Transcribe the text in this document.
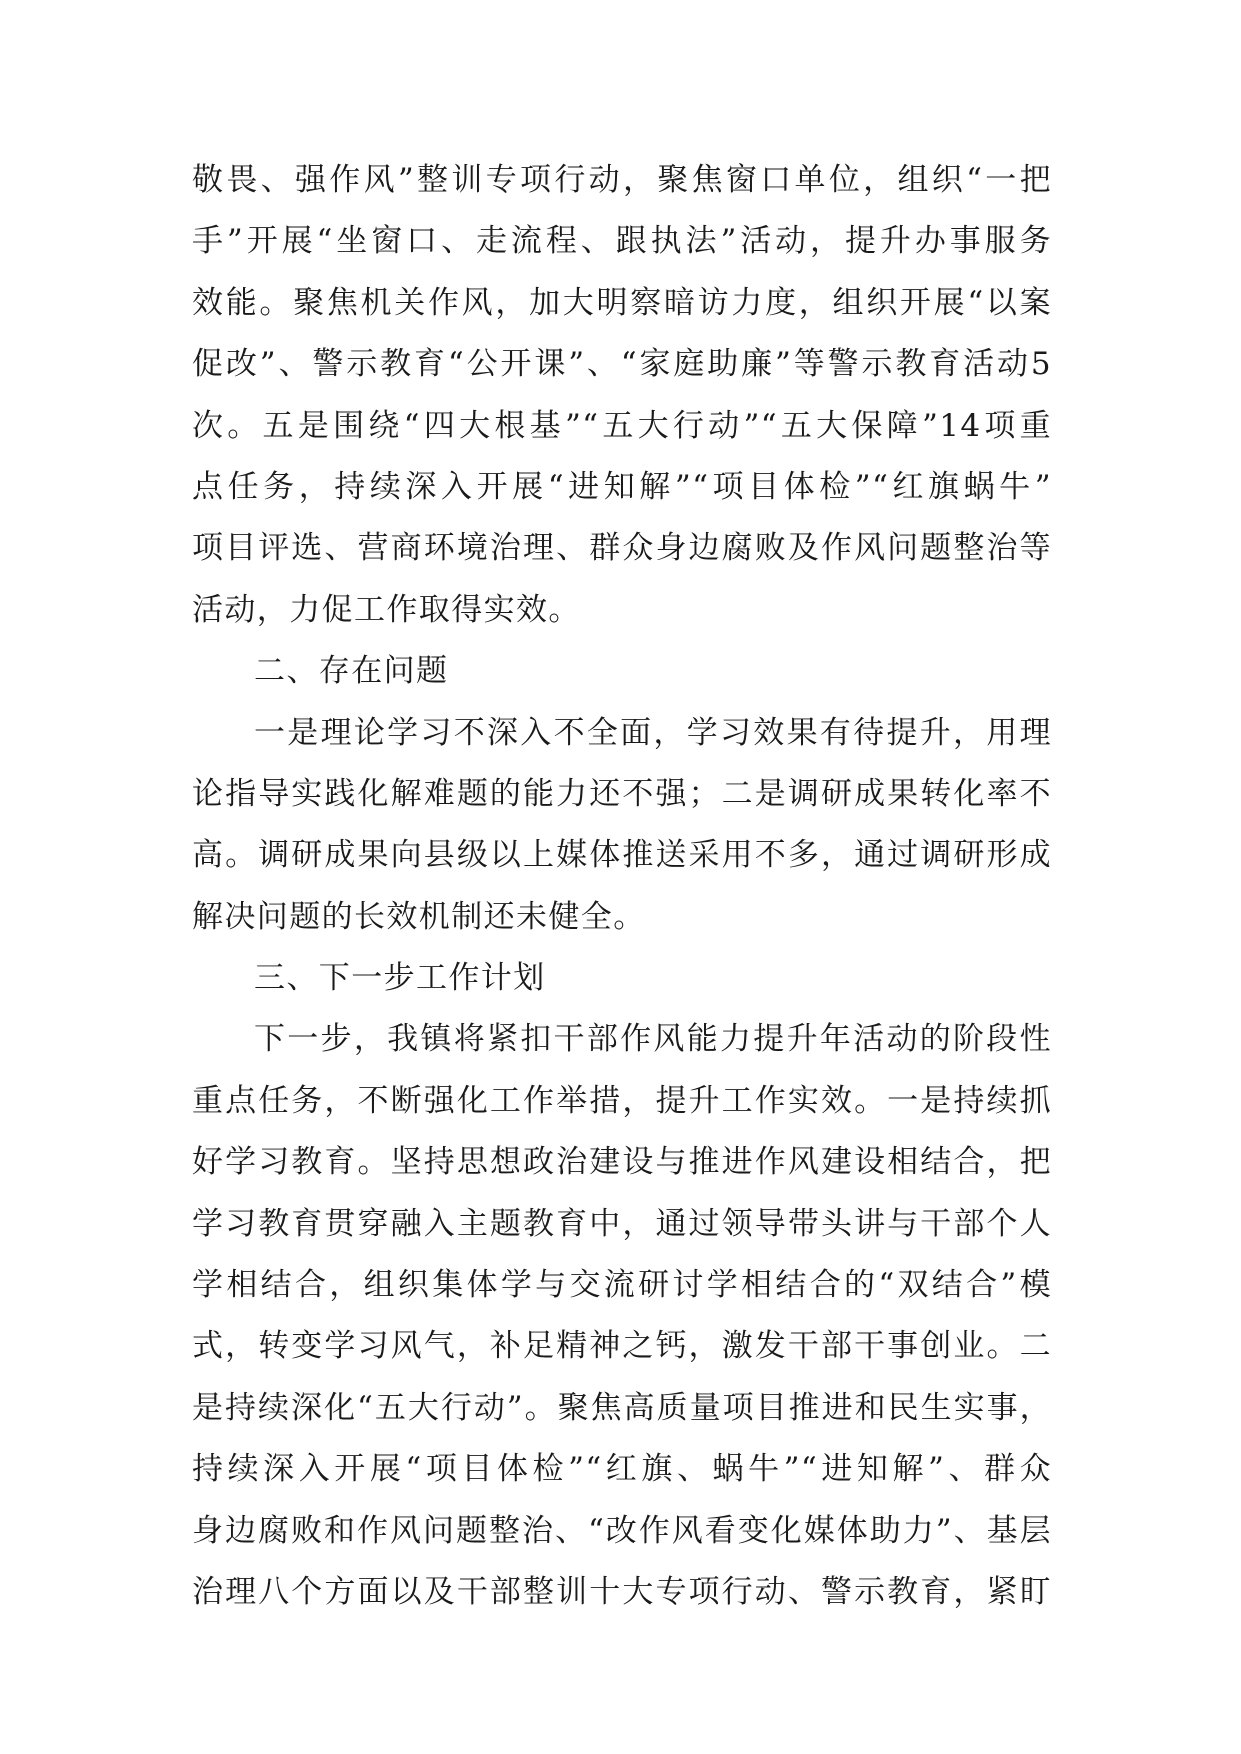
敬畏、强作风”整训专项行动，聚焦窗口单位，组织“一把
手”开展“坐窗口、走流程、跟执法”活动，提升办事服务
效能。聚焦机关作风，加大明察暗访力度，组织开展“以案
促改”、警示教育“公开课”、“家庭助廉”等警示教育活动5
次。五是围绕“四大根基”“五大行动”“五大保障”14项重
点任务，持续深入开展“进知解”“项目体检”“红旗蜗牛”
项目评选、营商环境治理、群众身边腐败及作风问题整治等
活动，力促工作取得实效。
二、存在问题
一是理论学习不深入不全面，学习效果有待提升，用理
论指导实践化解难题的能力还不强；二是调研成果转化率不
高。调研成果向县级以上媒体推送采用不多，通过调研形成
解决问题的长效机制还未健全。
三、下一步工作计划
下一步，我镇将紧扣干部作风能力提升年活动的阶段性
重点任务，不断强化工作举措，提升工作实效。一是持续抓
好学习教育。坚持思想政治建设与推进作风建设相结合，把
学习教育贯穿融入主题教育中，通过领导带头讲与干部个人
学相结合，组织集体学与交流研讨学相结合的“双结合”模
式，转变学习风气，补足精神之钙，激发干部干事创业。二
是持续深化“五大行动”。聚焦高质量项目推进和民生实事，
持续深入开展“项目体检”“红旗、蜗牛”“进知解”、群众
身边腐败和作风问题整治、“改作风看变化媒体助力”、基层
治理八个方面以及干部整训十大专项行动、警示教育，紧盯
